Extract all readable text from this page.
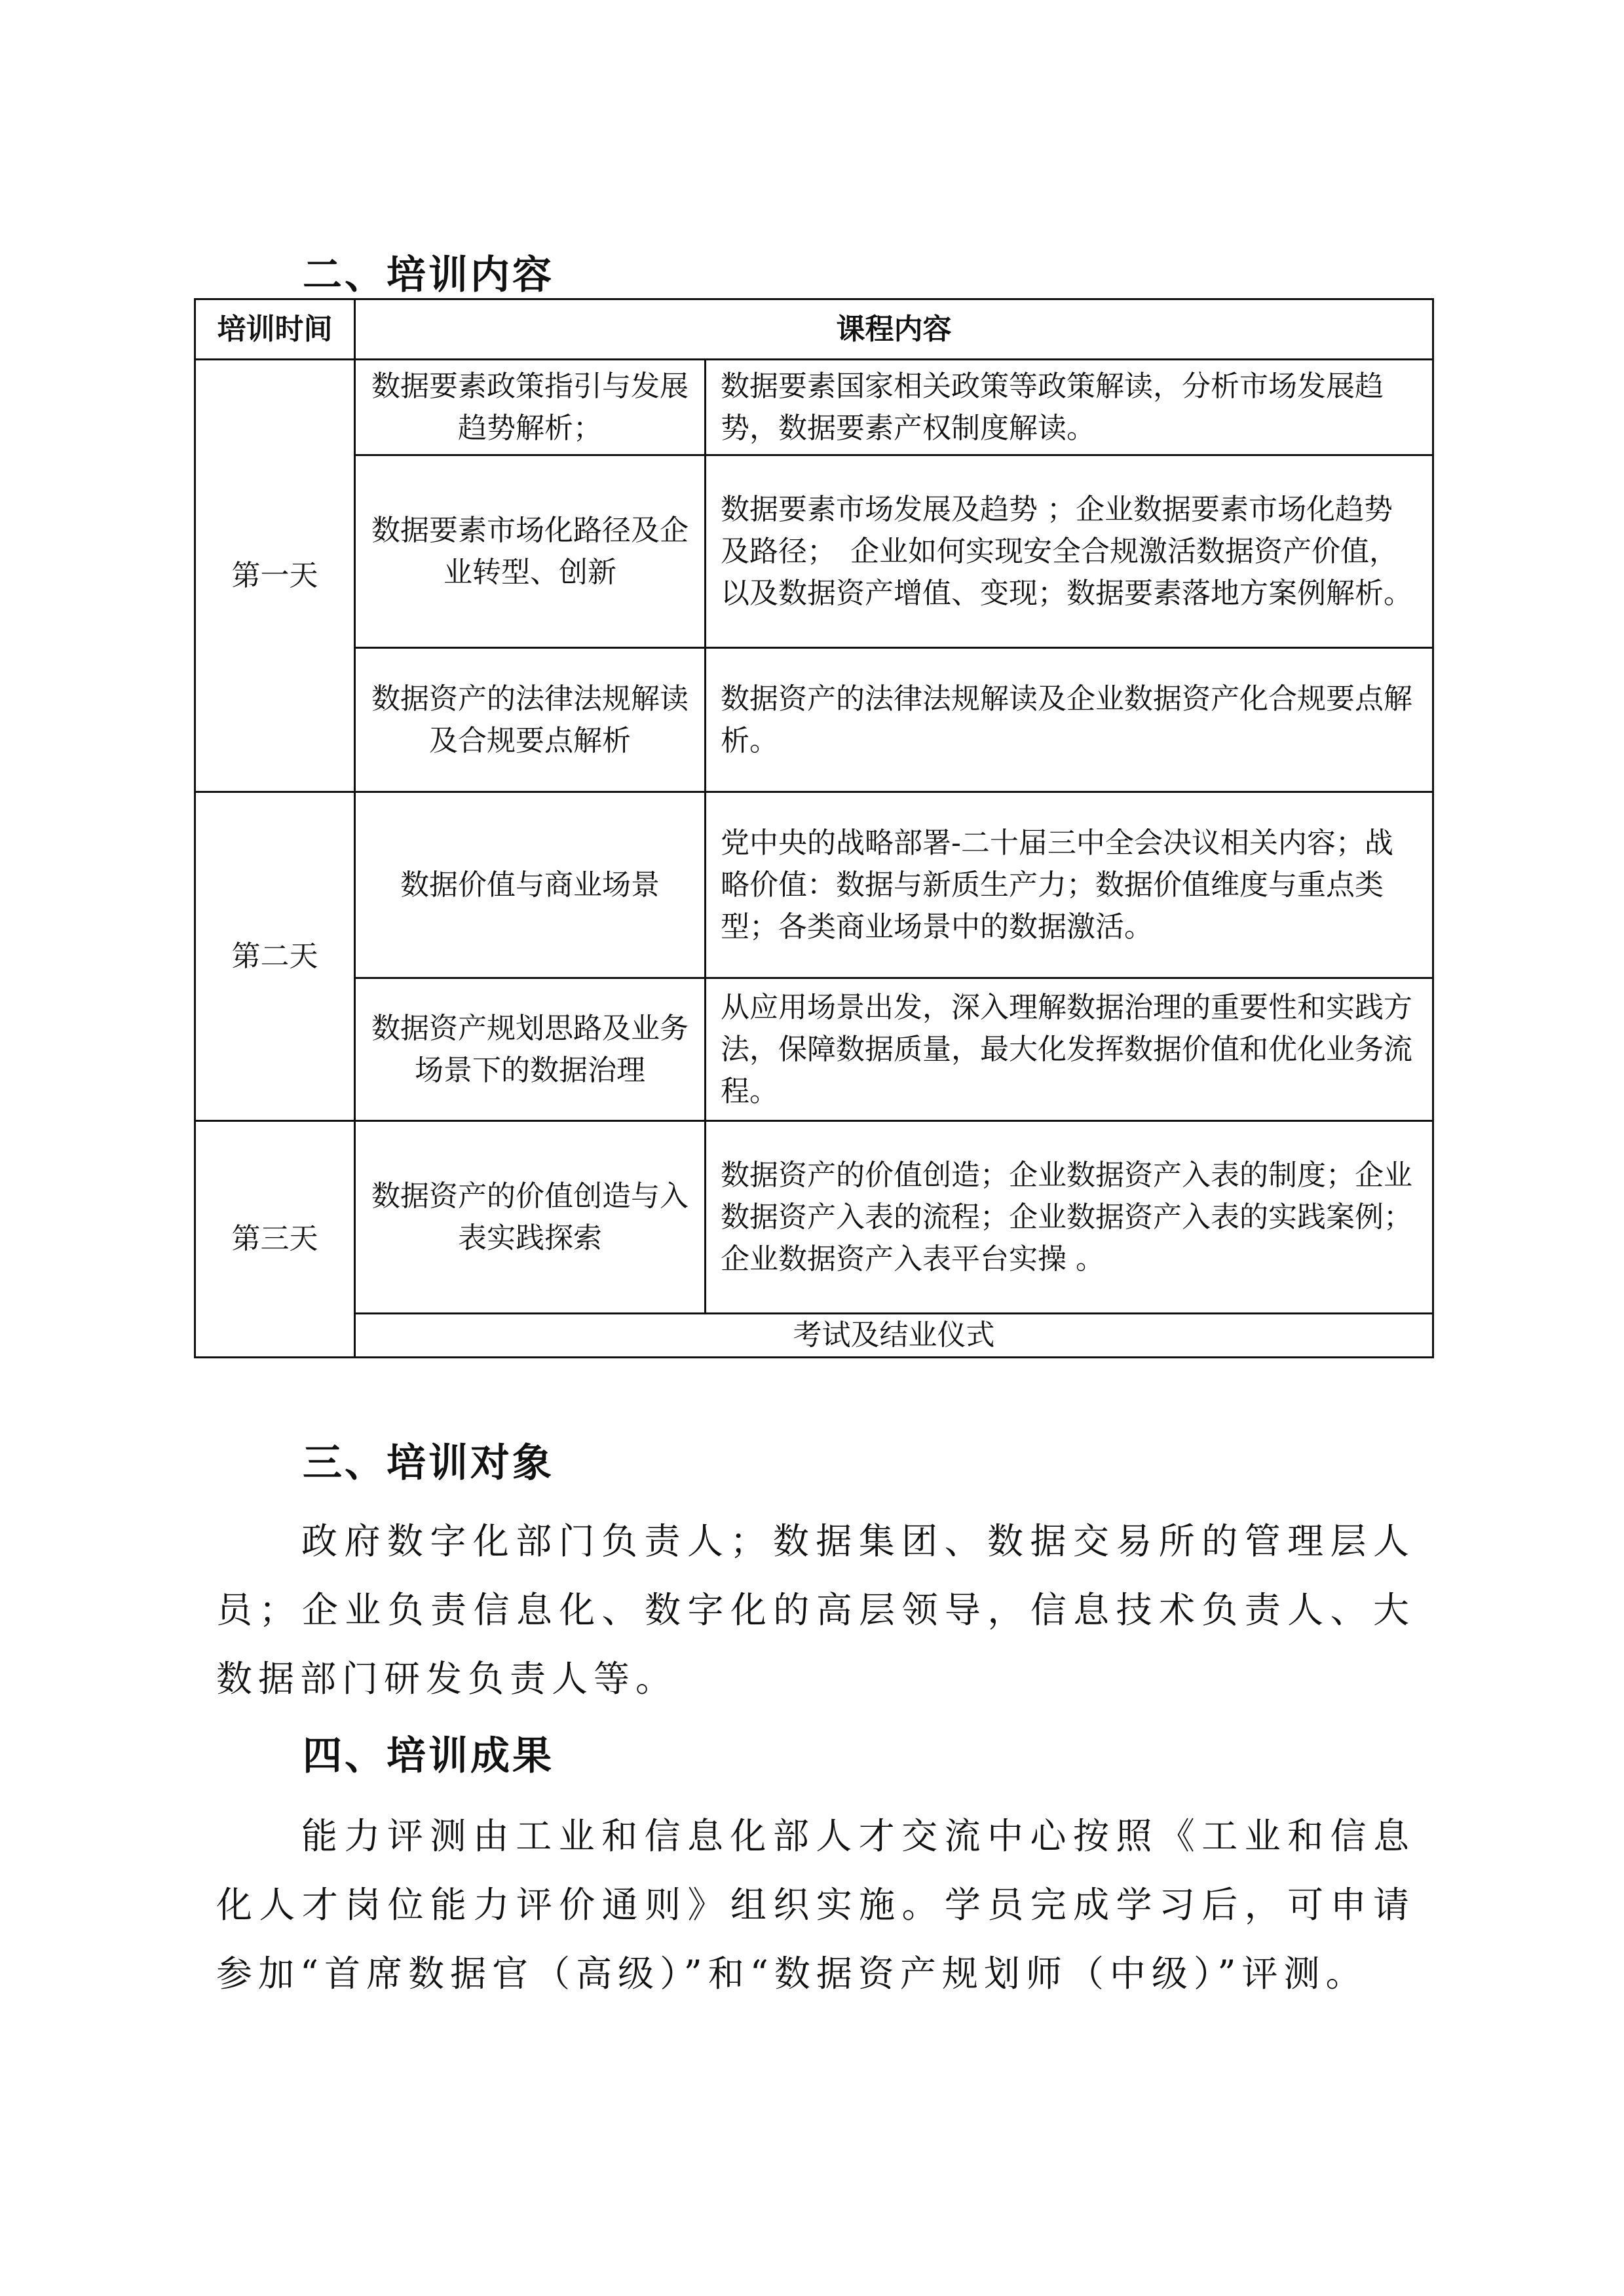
二、培训内容
培训时间	课程内容	
第一天	数据要素政策指引与发展趋势解析；	数据要素国家相关政策等政策解读，分析市场发展趋势，数据要素产权制度解读。
	数据要素市场化路径及企业转型、创新	数据要素市场发展及趋势 ；企业数据要素市场化趋势及路径；　企业如何实现安全合规激活数据资产价值，以及数据资产增值、变现；数据要素落地方案例解析。
	数据资产的法律法规解读及合规要点解析	数据资产的法律法规解读及企业数据资产化合规要点解析。
第二天	数据价值与商业场景	党中央的战略部署-二十届三中全会决议相关内容；战略价值：数据与新质生产力；数据价值维度与重点类型；各类商业场景中的数据激活。
	数据资产规划思路及业务场景下的数据治理	从应用场景出发，深入理解数据治理的重要性和实践方法，保障数据质量，最大化发挥数据价值和优化业务流程。
第三天	数据资产的价值创造与入表实践探索	数据资产的价值创造；企业数据资产入表的制度；企业数据资产入表的流程；企业数据资产入表的实践案例；企业数据资产入表平台实操 。
	考试及结业仪式	
三、培训对象
政府数字化部门负责人；数据集团、数据交易所的管理层人员；企业负责信息化、数字化的高层领导，信息技术负责人、大数据部门研发负责人等。
四、培训成果
能力评测由工业和信息化部人才交流中心按照《工业和信息化人才岗位能力评价通则》组织实施。学员完成学习后，可申请参加“首席数据官（高级）”和“数据资产规划师（中级）”评测。
